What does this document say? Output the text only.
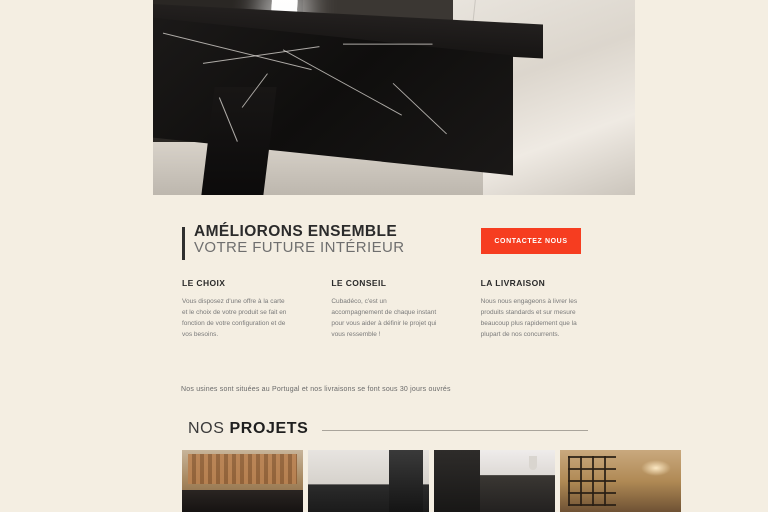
AMÉLIORONS ENSEMBLE
VOTRE FUTURE INTÉRIEUR	CONTACTEZ NOUS
LE CHOIX
Vous disposez d'une offre à la carte et le choix de votre produit se fait en fonction de votre configuration et de vos besoins.
LE CONSEIL
Cubadéco, c'est un accompagnement de chaque instant pour vous aider à définir le projet qui vous ressemble !
LA LIVRAISON
Nous nous engageons à livrer les produits standards et sur mesure beaucoup plus rapidement que la plupart de nos concurrents.
Nos usines sont situées au Portugal et nos livraisons se font sous 30 jours ouvrés
NOS PROJETS
